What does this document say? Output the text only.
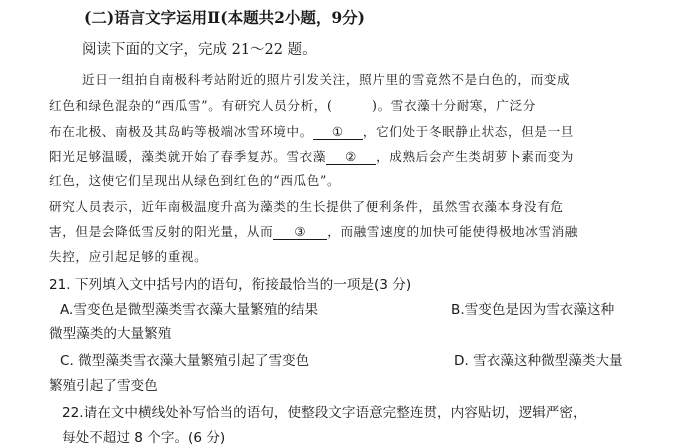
(二)语言文字运用Ⅱ(本题共2小题，9分)
阅读下面的文字，完成 21～22 题。
近日一组拍自南极科考站附近的照片引发关注，照片里的雪竟然不是白色的，而变成
红色和绿色混杂的“西瓜雪”。有研究人员分析，(　　　)。雪衣藻十分耐寒，广泛分
布在北极、南极及其岛屿等极端冰雪环境中。 ① ，它们处于冬眠静止状态，但是一旦
阳光足够温暖，藻类就开始了春季复苏。雪衣藻 ② ，成熟后会产生类胡萝卜素而变为
红色，这使它们呈现出从绿色到红色的“西瓜色”。
研究人员表示，近年南极温度升高为藻类的生长提供了便利条件，虽然雪衣藻本身没有危
害，但是会降低雪反射的阳光量，从而 ③ ，而融雪速度的加快可能使得极地冰雪消融
失控，应引起足够的重视。
21. 下列填入文中括号内的语句，衔接最恰当的一项是(3 分)
A.雪变色是微型藻类雪衣藻大量繁殖的结果	B.雪变色是因为雪衣藻这种
微型藻类的大量繁殖
C. 微型藻类雪衣藻大量繁殖引起了雪变色	D. 雪衣藻这种微型藻类大量
繁殖引起了雪变色
22.请在文中横线处补写恰当的语句，使整段文字语意完整连贯，内容贴切，逻辑严密，
每处不超过 8 个字。(6 分)
